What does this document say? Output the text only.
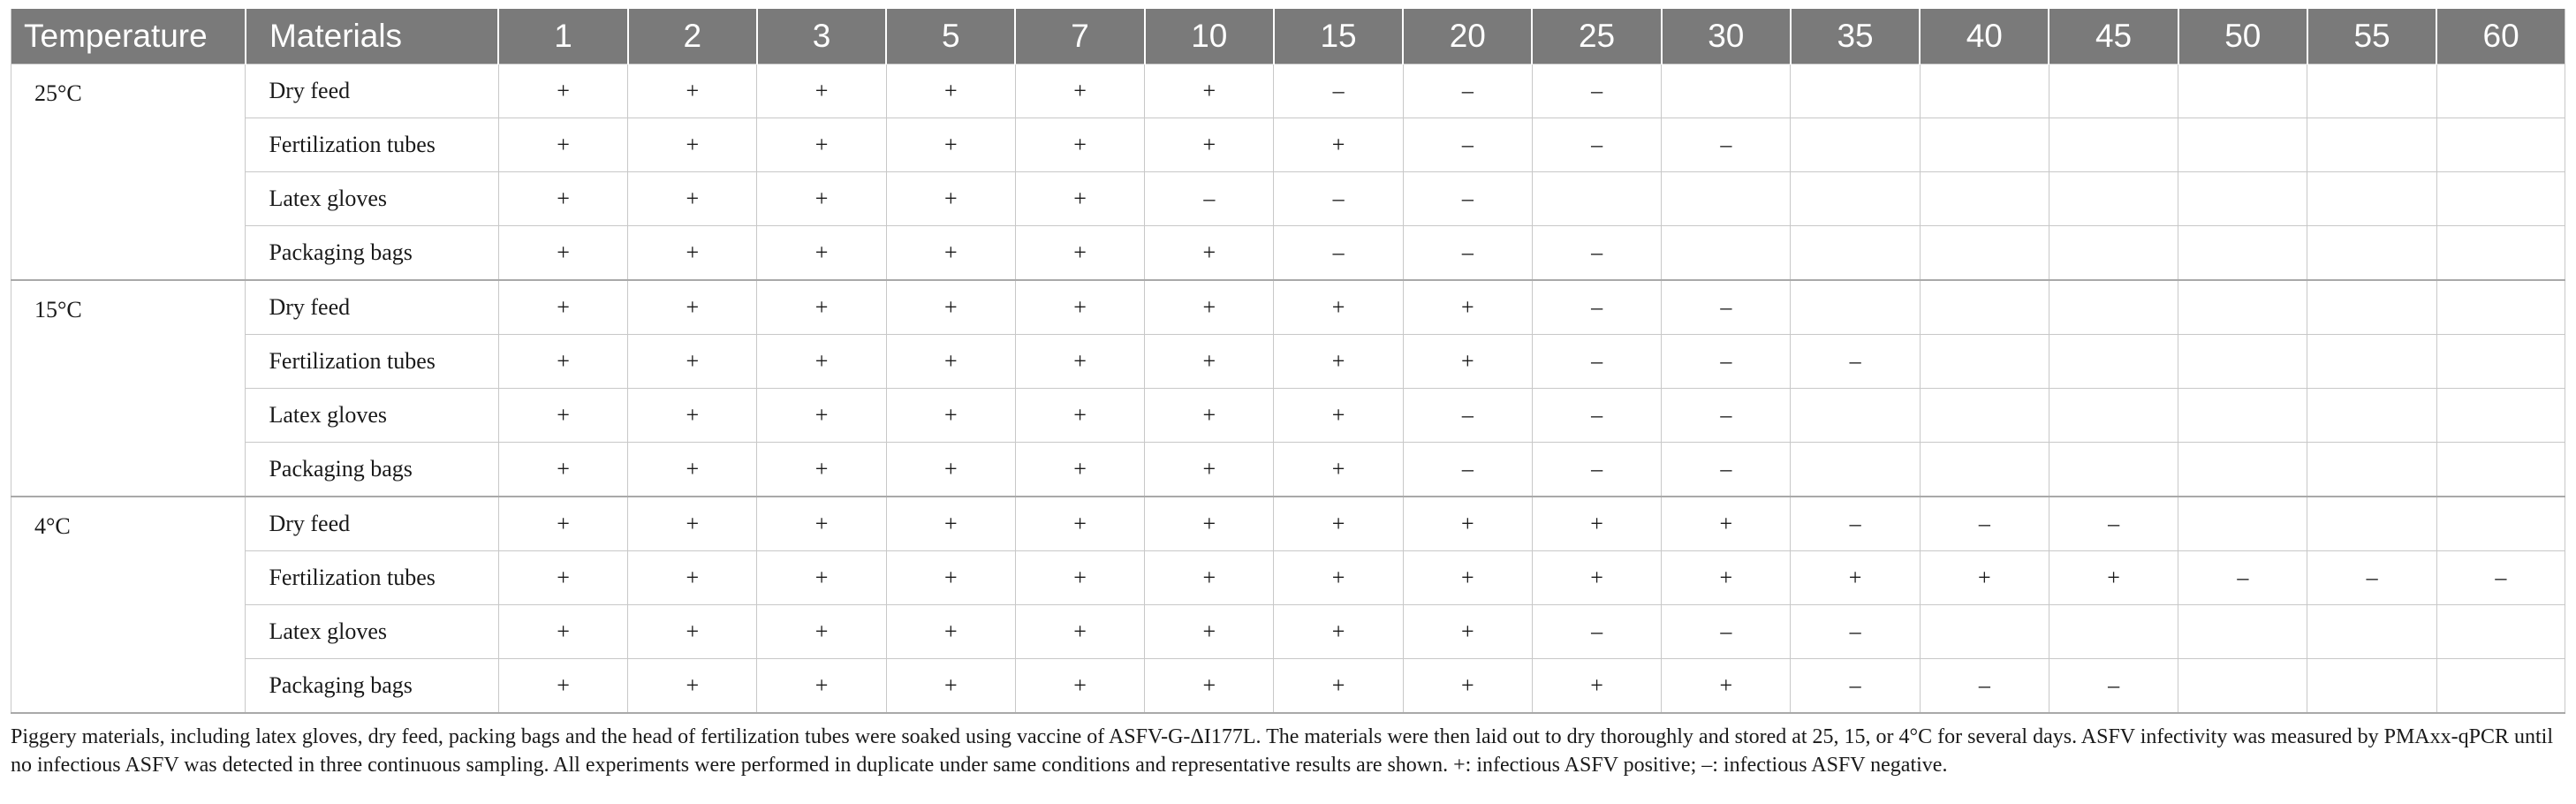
Temperature	Materials	1	2	3	5	7	10	15	20	25	30	35	40	45	50	55	60
25°C	Dry feed	+	+	+	+	+	+	–	–	–							
	Fertilization tubes	+	+	+	+	+	+	+	–	–	–						
	Latex gloves	+	+	+	+	+	–	–	–								
	Packaging bags	+	+	+	+	+	+	–	–	–							
15°C	Dry feed	+	+	+	+	+	+	+	+	–	–						
	Fertilization tubes	+	+	+	+	+	+	+	+	–	–	–					
	Latex gloves	+	+	+	+	+	+	+	–	–	–						
	Packaging bags	+	+	+	+	+	+	+	–	–	–						
4°C	Dry feed	+	+	+	+	+	+	+	+	+	+	–	–	–			
	Fertilization tubes	+	+	+	+	+	+	+	+	+	+	+	+	+	–	–	–
	Latex gloves	+	+	+	+	+	+	+	+	–	–	–					
	Packaging bags	+	+	+	+	+	+	+	+	+	+	–	–	–			

Piggery materials, including latex gloves, dry feed, packing bags and the head of fertilization tubes were soaked using vaccine of ASFV-G-ΔI177L. The materials were then laid out to dry thoroughly and stored at 25, 15, or 4°C for several days. ASFV infectivity was measured by PMAxx-qPCR until no infectious ASFV was detected in three continuous sampling. All experiments were performed in duplicate under same conditions and representative results are shown. +: infectious ASFV positive; –: infectious ASFV negative.
